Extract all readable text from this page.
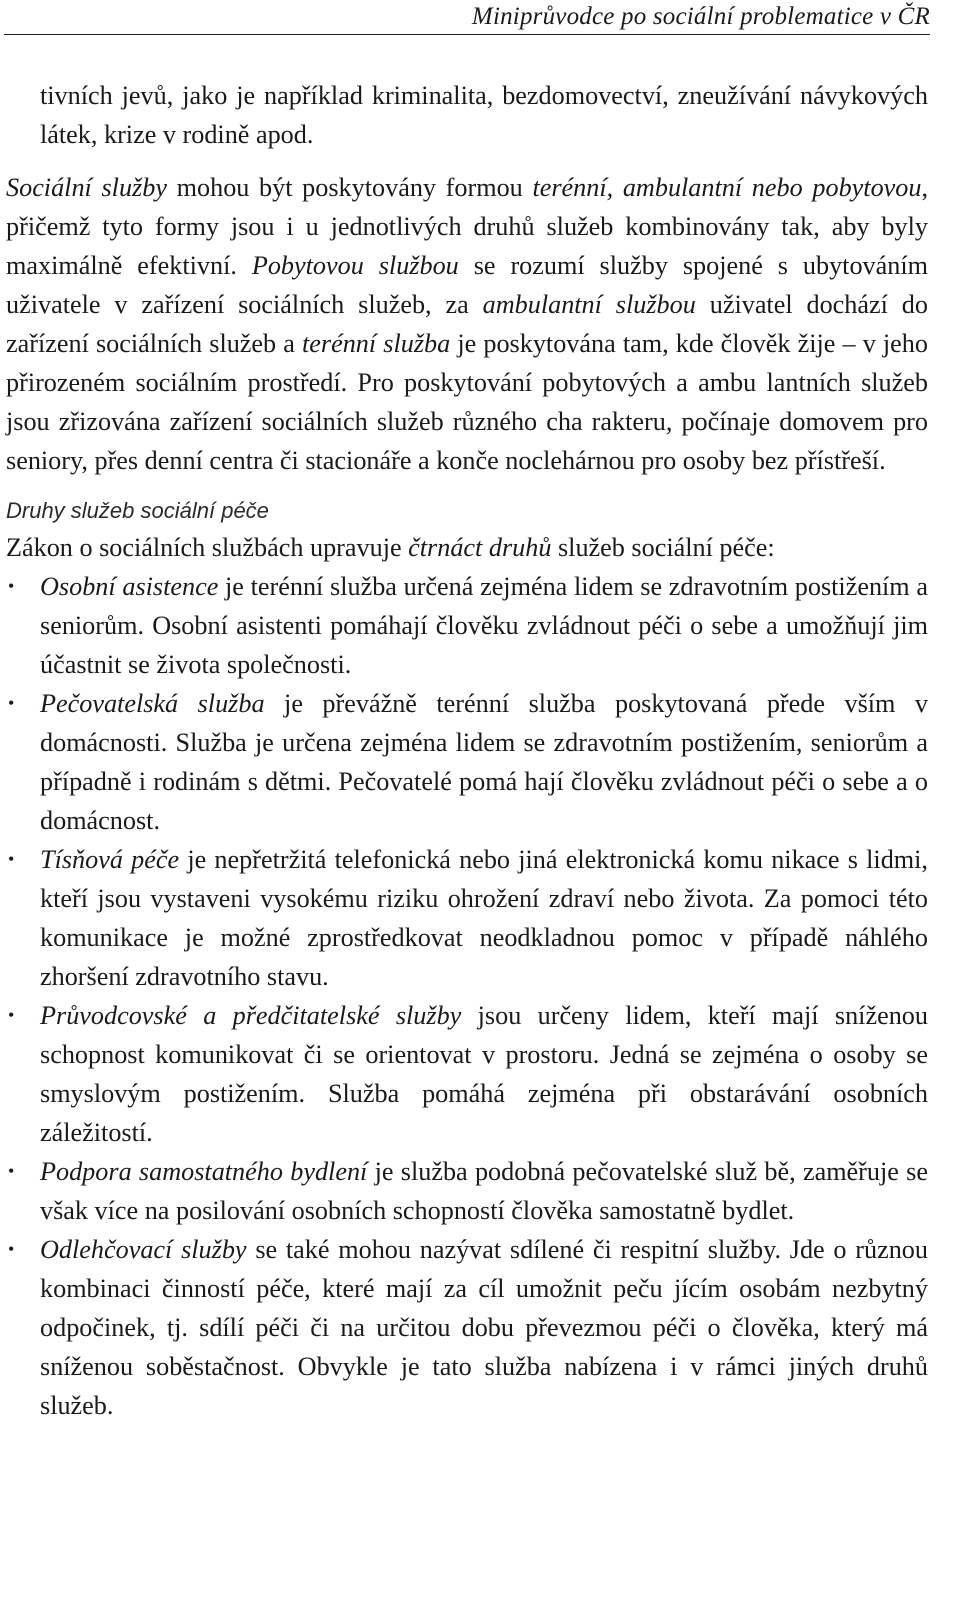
Miniprůvodce po sociální problematice v ČR

tivních jevů, jako je například kriminalita, bezdomovectví, zneužívání návykových látek, krize v rodině apod.

Sociální služby mohou být poskytovány formou terénní, ambulantní nebo pobytovou, přičemž tyto formy jsou i u jednotlivých druhů služeb kombinovány tak, aby byly maximálně efektivní. Pobytovou službou se rozumí služby spojené s ubytováním uživatele v zařízení sociálních služeb, za ambulantní službou uživatel dochází do zařízení sociálních služeb a terénní služba je poskytována tam, kde člověk žije – v jeho přirozeném sociálním prostředí. Pro poskytování pobytových a ambu lantních služeb jsou zřizována zařízení sociálních služeb různého cha rakteru, počínaje domovem pro seniory, přes denní centra či stacionáře a konče noclehárnou pro osoby bez přístřeší.

Druhy služeb sociální péče

Zákon o sociálních službách upravuje čtrnáct druhů služeb sociální péče:

• Osobní asistence je terénní služba určená zejména lidem se zdravotním postižením a seniorům. Osobní asistenti pomáhají člověku zvládnout péči o sebe a umožňují jim účastnit se života společnosti.
• Pečovatelská služba je převážně terénní služba poskytovaná přede vším v domácnosti. Služba je určena zejména lidem se zdravotním postižením, seniorům a případně i rodinám s dětmi. Pečovatelé pomá hají člověku zvládnout péči o sebe a o domácnost.
• Tísňová péče je nepřetržitá telefonická nebo jiná elektronická komu nikace s lidmi, kteří jsou vystaveni vysokému riziku ohrožení zdraví nebo života. Za pomoci této komunikace je možné zprostředkovat neodkladnou pomoc v případě náhlého zhoršení zdravotního stavu.
• Průvodcovské a předčitatelské služby jsou určeny lidem, kteří mají sníženou schopnost komunikovat či se orientovat v prostoru. Jedná se zejména o osoby se smyslovým postižením. Služba pomáhá zejména při obstarávání osobních záležitostí.
• Podpora samostatného bydlení je služba podobná pečovatelské služ bě, zaměřuje se však více na posilování osobních schopností člověka samostatně bydlet.
• Odlehčovací služby se také mohou nazývat sdílené či respitní služby. Jde o různou kombinaci činností péče, které mají za cíl umožnit peču jícím osobám nezbytný odpočinek, tj. sdílí péči či na určitou dobu převezmou péči o člověka, který má sníženou soběstačnost. Obvykle je tato služba nabízena i v rámci jiných druhů služeb.
